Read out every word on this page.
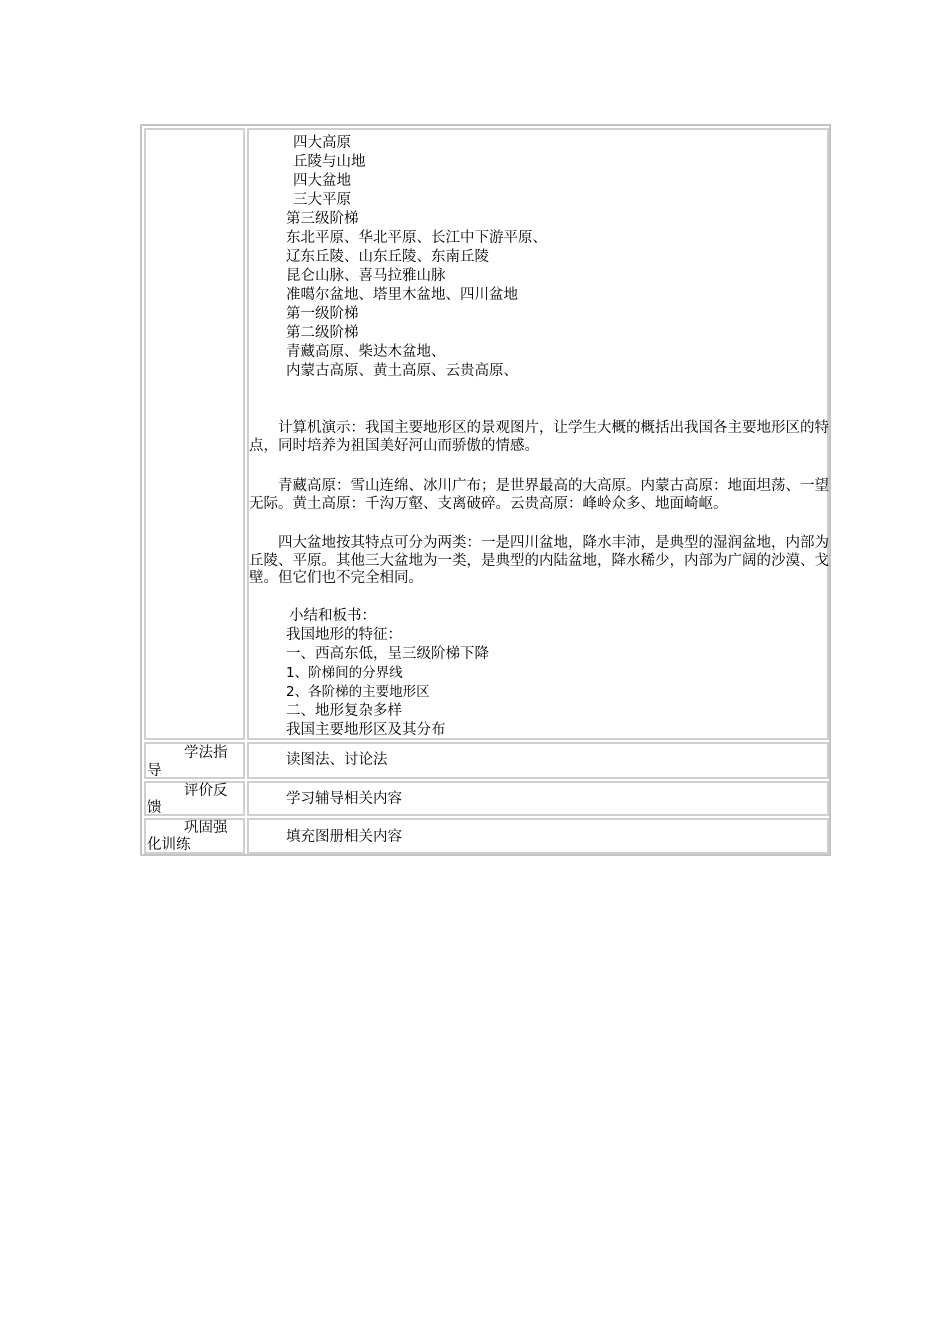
四大高原
丘陵与山地
四大盆地
三大平原
第三级阶梯
东北平原、华北平原、长江中下游平原、
辽东丘陵、山东丘陵、东南丘陵
昆仑山脉、喜马拉雅山脉
准噶尔盆地、塔里木盆地、四川盆地
第一级阶梯
第二级阶梯
青藏高原、柴达木盆地、
内蒙古高原、黄土高原、云贵高原、
计算机演示：我国主要地形区的景观图片，让学生大概的概括出我国各主要地形区的特点，同时培养为祖国美好河山而骄傲的情感。
青藏高原：雪山连绵、冰川广布；是世界最高的大高原。内蒙古高原：地面坦荡、一望无际。黄土高原：千沟万壑、支离破碎。云贵高原：峰岭众多、地面崎岖。
四大盆地按其特点可分为两类：一是四川盆地，降水丰沛，是典型的湿润盆地，内部为丘陵、平原。其他三大盆地为一类，是典型的内陆盆地，降水稀少，内部为广阔的沙漠、戈壁。但它们也不完全相同。
小结和板书：
我国地形的特征：
一、西高东低，呈三级阶梯下降
1、阶梯间的分界线
2、各阶梯的主要地形区
二、地形复杂多样
我国主要地形区及其分布
学法指
导
读图法、讨论法
评价反
馈
学习辅导相关内容
巩固强
化训练	填充图册相关内容
